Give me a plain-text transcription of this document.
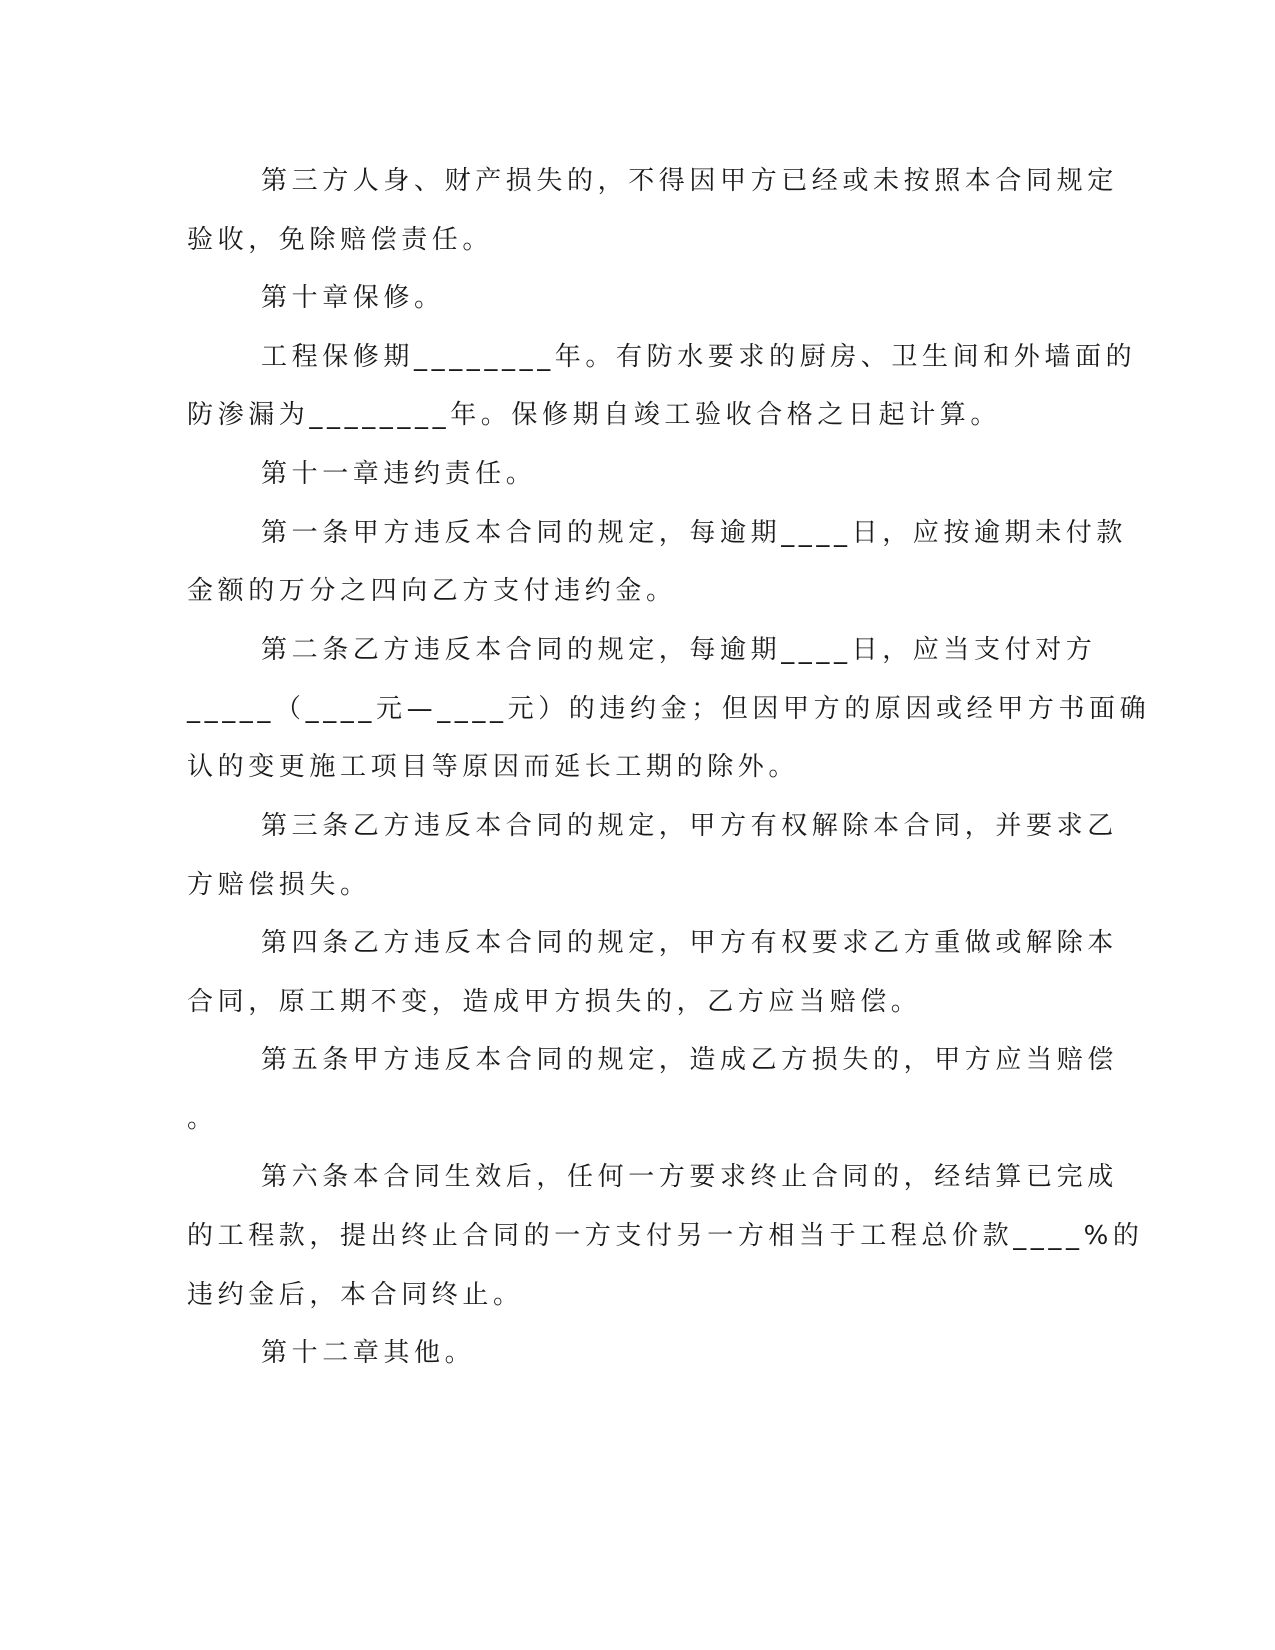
第三方人身、财产损失的，不得因甲方已经或未按照本合同规定
验收，免除赔偿责任。
第十章保修。
工程保修期________年。有防水要求的厨房、卫生间和外墙面的
防渗漏为________年。保修期自竣工验收合格之日起计算。
第十一章违约责任。
第一条甲方违反本合同的规定，每逾期____日，应按逾期未付款
金额的万分之四向乙方支付违约金。
第二条乙方违反本合同的规定，每逾期____日，应当支付对方
_____（____元—____元）的违约金；但因甲方的原因或经甲方书面确
认的变更施工项目等原因而延长工期的除外。
第三条乙方违反本合同的规定，甲方有权解除本合同，并要求乙
方赔偿损失。
第四条乙方违反本合同的规定，甲方有权要求乙方重做或解除本
合同，原工期不变，造成甲方损失的，乙方应当赔偿。
第五条甲方违反本合同的规定，造成乙方损失的，甲方应当赔偿
。
第六条本合同生效后，任何一方要求终止合同的，经结算已完成
的工程款，提出终止合同的一方支付另一方相当于工程总价款____%的
违约金后，本合同终止。
第十二章其他。
